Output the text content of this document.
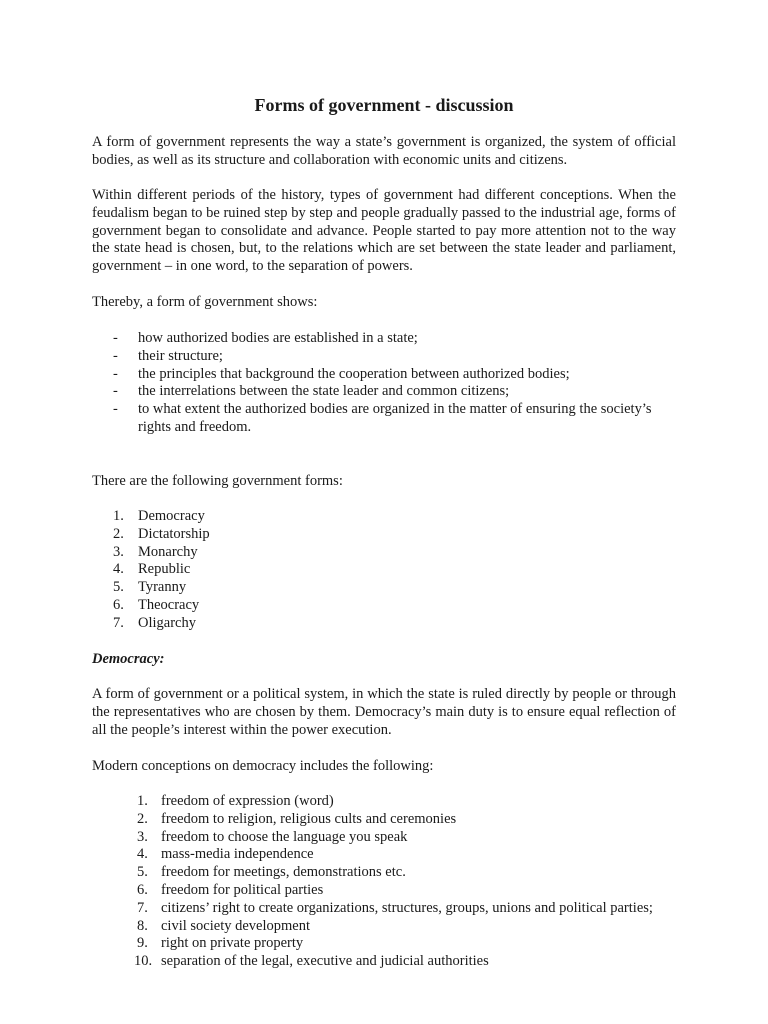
Forms of government - discussion
A form of government represents the way a state’s government is organized, the system of official bodies, as well as its structure and collaboration with economic units and citizens.
Within different periods of the history, types of government had different conceptions. When the feudalism began to be ruined step by step and people gradually passed to the industrial age, forms of government began to consolidate and advance. People started to pay more attention not to the way the state head is chosen, but, to the relations which are set between the state leader and parliament, government – in one word, to the separation of powers.
Thereby, a form of government shows:
- how authorized bodies are established in a state;
- their structure;
- the principles that background the cooperation between authorized bodies;
- the interrelations between the state leader and common citizens;
- to what extent the authorized bodies are organized in the matter of ensuring the society’s rights and freedom.
There are the following government forms:
1. Democracy
2. Dictatorship
3. Monarchy
4. Republic
5. Tyranny
6. Theocracy
7. Oligarchy
Democracy:
A form of government or a political system, in which the state is ruled directly by people or through the representatives who are chosen by them. Democracy’s main duty is to ensure equal reflection of all the people’s interest within the power execution.
Modern conceptions on democracy includes the following:
1. freedom of expression (word)
2. freedom to religion, religious cults and ceremonies
3. freedom to choose the language you speak
4. mass-media independence
5. freedom for meetings, demonstrations etc.
6. freedom for political parties
7. citizens’ right to create organizations, structures, groups, unions and political parties;
8. civil society development
9. right on private property
10. separation of the legal, executive and judicial authorities
